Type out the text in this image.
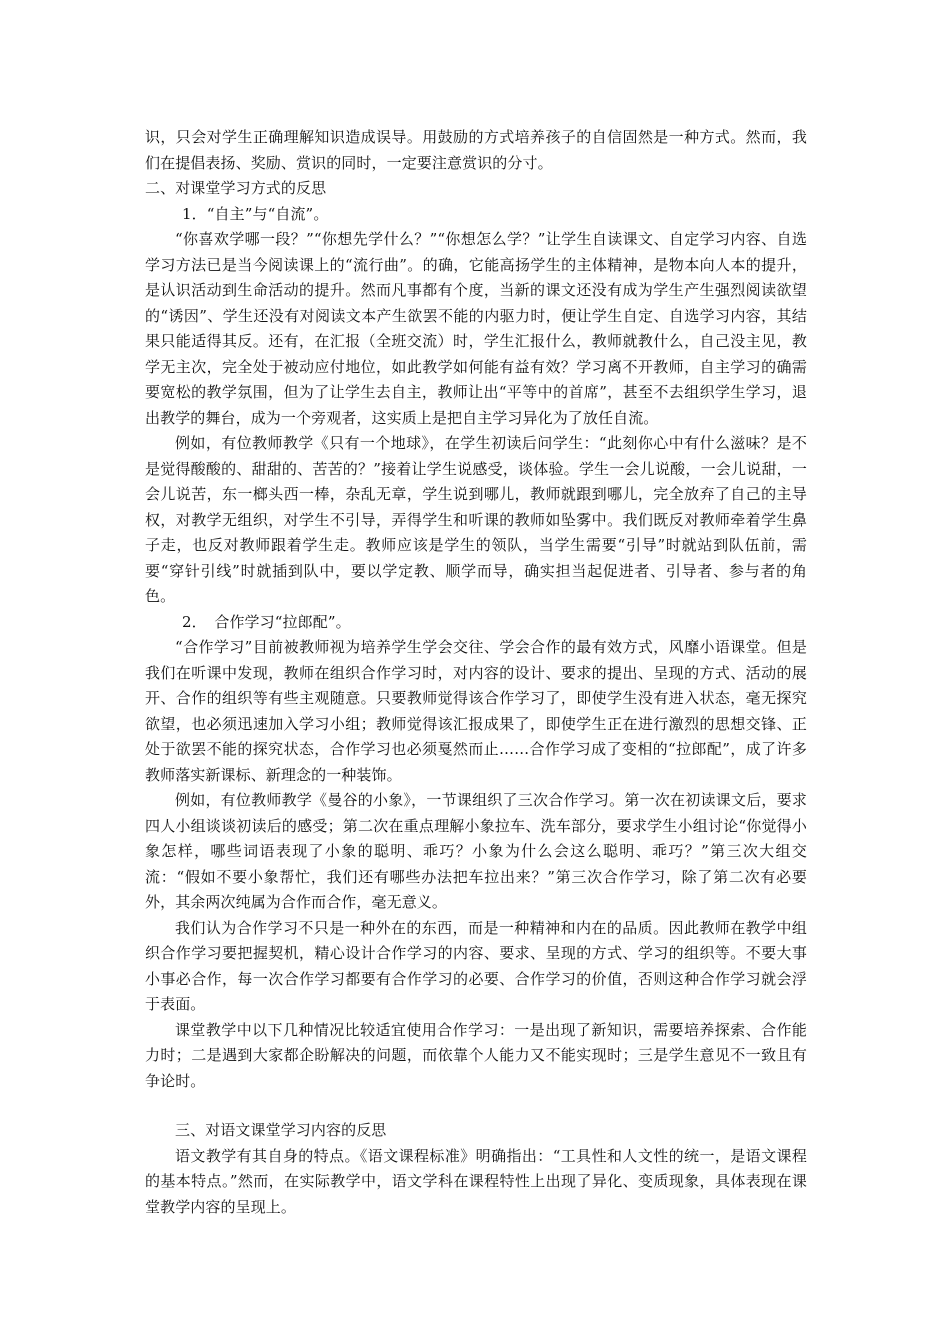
识，只会对学生正确理解知识造成误导。用鼓励的方式培养孩子的自信固然是一种方式。然而，我们在提倡表扬、奖励、赏识的同时，一定要注意赏识的分寸。

二、对课堂学习方式的反思

1．“自主”与“自流”。

“你喜欢学哪一段？”“你想先学什么？”“你想怎么学？”让学生自读课文、自定学习内容、自选学习方法已是当今阅读课上的“流行曲”。的确，它能高扬学生的主体精神，是物本向人本的提升，是认识活动到生命活动的提升。然而凡事都有个度，当新的课文还没有成为学生产生强烈阅读欲望的“诱因”、学生还没有对阅读文本产生欲罢不能的内驱力时，便让学生自定、自选学习内容，其结果只能适得其反。还有，在汇报（全班交流）时，学生汇报什么，教师就教什么，自己没主见，教学无主次，完全处于被动应付地位，如此教学如何能有益有效？学习离不开教师，自主学习的确需要宽松的教学氛围，但为了让学生去自主，教师让出“平等中的首席”，甚至不去组织学生学习，退出教学的舞台，成为一个旁观者，这实质上是把自主学习异化为了放任自流。

例如，有位教师教学《只有一个地球》，在学生初读后问学生：“此刻你心中有什么滋味？是不是觉得酸酸的、甜甜的、苦苦的？”接着让学生说感受，谈体验。学生一会儿说酸，一会儿说甜，一会儿说苦，东一榔头西一棒，杂乱无章，学生说到哪儿，教师就跟到哪儿，完全放弃了自己的主导权，对教学无组织，对学生不引导，弄得学生和听课的教师如坠雾中。我们既反对教师牵着学生鼻子走，也反对教师跟着学生走。教师应该是学生的领队，当学生需要“引导”时就站到队伍前，需要“穿针引线”时就插到队中，要以学定教、顺学而导，确实担当起促进者、引导者、参与者的角色。

2．　合作学习“拉郎配”。

“合作学习”目前被教师视为培养学生学会交往、学会合作的最有效方式，风靡小语课堂。但是我们在听课中发现，教师在组织合作学习时，对内容的设计、要求的提出、呈现的方式、活动的展开、合作的组织等有些主观随意。只要教师觉得该合作学习了，即使学生没有进入状态，毫无探究欲望，也必须迅速加入学习小组；教师觉得该汇报成果了，即使学生正在进行激烈的思想交锋、正处于欲罢不能的探究状态，合作学习也必须戛然而止……合作学习成了变相的“拉郎配”，成了许多教师落实新课标、新理念的一种装饰。

例如，有位教师教学《曼谷的小象》，一节课组织了三次合作学习。第一次在初读课文后，要求四人小组谈谈初读后的感受；第二次在重点理解小象拉车、洗车部分，要求学生小组讨论“你觉得小象怎样，哪些词语表现了小象的聪明、乖巧？小象为什么会这么聪明、乖巧？”第三次大组交流：“假如不要小象帮忙，我们还有哪些办法把车拉出来？”第三次合作学习，除了第二次有必要外，其余两次纯属为合作而合作，毫无意义。

我们认为合作学习不只是一种外在的东西，而是一种精神和内在的品质。因此教师在教学中组织合作学习要把握契机，精心设计合作学习的内容、要求、呈现的方式、学习的组织等。不要大事小事必合作，每一次合作学习都要有合作学习的必要、合作学习的价值，否则这种合作学习就会浮于表面。

课堂教学中以下几种情况比较适宜使用合作学习：一是出现了新知识，需要培养探索、合作能力时；二是遇到大家都企盼解决的问题，而依靠个人能力又不能实现时；三是学生意见不一致且有争论时。

三、对语文课堂学习内容的反思

语文教学有其自身的特点。《语文课程标准》明确指出：“工具性和人文性的统一，是语文课程的基本特点。”然而，在实际教学中，语文学科在课程特性上出现了异化、变质现象，具体表现在课堂教学内容的呈现上。
